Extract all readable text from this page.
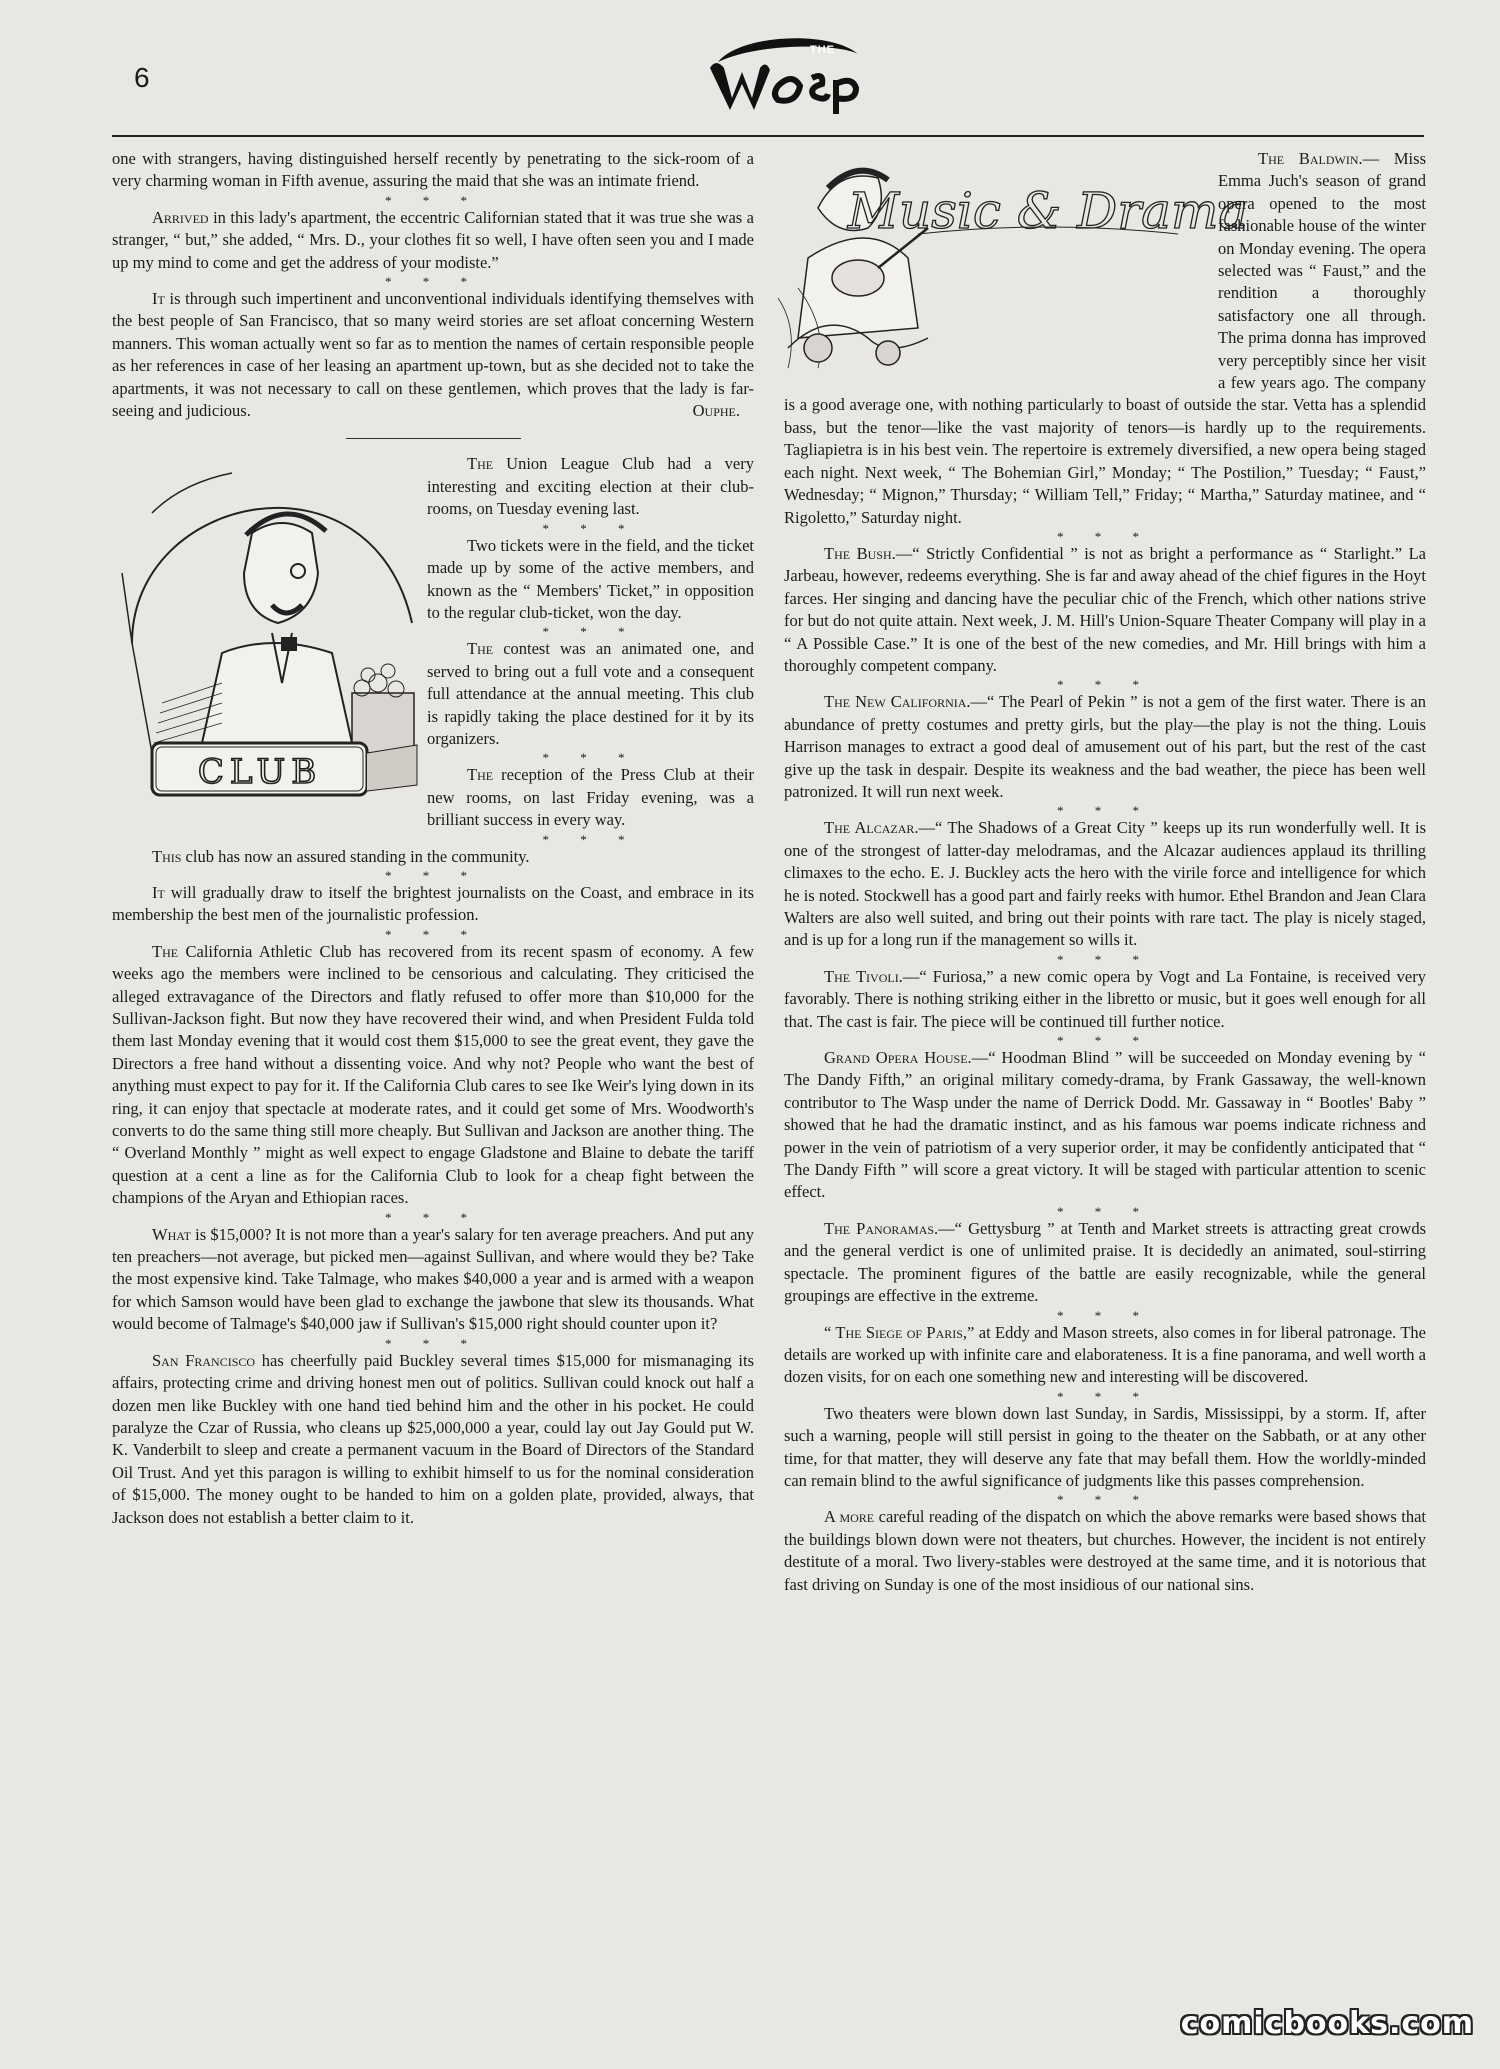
6
THE

one with strangers, having distinguished herself recently by penetrating to the sick-room of a very charming woman in Fifth avenue, assuring the maid that she was an intimate friend.

* * *

Arrived in this lady's apartment, the eccentric Californian stated that it was true she was a stranger, “ but,” she added, “ Mrs. D., your clothes fit so well, I have often seen you and I made up my mind to come and get the address of your modiste.”

* * *

It is through such impertinent and unconventional individuals identifying themselves with the best people of San Francisco, that so many weird stories are set afloat concerning Western manners. This woman actually went so far as to mention the names of certain responsible people as her references in case of her leasing an apartment up-town, but as she decided not to take the apartments, it was not necessary to call on these gentlemen, which proves that the lady is far-seeing and judicious.	Ouphe.

CLUB

The Union League Club had a very interesting and exciting election at their club-rooms, on Tuesday evening last.

* * *

Two tickets were in the field, and the ticket made up by some of the active members, and known as the “ Members' Ticket,” in opposition to the regular club-ticket, won the day.

* * *

The contest was an animated one, and served to bring out a full vote and a consequent full attendance at the annual meeting. This club is rapidly taking the place destined for it by its organizers.

* * *

The reception of the Press Club at their new rooms, on last Friday evening, was a brilliant success in every way.

* * *

This club has now an assured standing in the community.

* * *

It will gradually draw to itself the brightest journalists on the Coast, and embrace in its membership the best men of the journalistic profession.

* * *

The California Athletic Club has recovered from its recent spasm of economy. A few weeks ago the members were inclined to be censorious and calculating. They criticised the alleged extravagance of the Directors and flatly refused to offer more than $10,000 for the Sullivan-Jackson fight. But now they have recovered their wind, and when President Fulda told them last Monday evening that it would cost them $15,000 to see the great event, they gave the Directors a free hand without a dissenting voice. And why not? People who want the best of anything must expect to pay for it. If the California Club cares to see Ike Weir's lying down in its ring, it can enjoy that spectacle at moderate rates, and it could get some of Mrs. Woodworth's converts to do the same thing still more cheaply. But Sullivan and Jackson are another thing. The “ Overland Monthly ” might as well expect to engage Gladstone and Blaine to debate the tariff question at a cent a line as for the California Club to look for a cheap fight between the champions of the Aryan and Ethiopian races.

* * *

What is $15,000? It is not more than a year's salary for ten average preachers. And put any ten preachers—not average, but picked men—against Sullivan, and where would they be? Take the most expensive kind. Take Talmage, who makes $40,000 a year and is armed with a weapon for which Samson would have been glad to exchange the jawbone that slew its thousands. What would become of Talmage's $40,000 jaw if Sullivan's $15,000 right should counter upon it?

* * *

San Francisco has cheerfully paid Buckley several times $15,000 for mismanaging its affairs, protecting crime and driving honest men out of politics. Sullivan could knock out half a dozen men like Buckley with one hand tied behind him and the other in his pocket. He could paralyze the Czar of Russia, who cleans up $25,000,000 a year, could lay out Jay Gould put W. K. Vanderbilt to sleep and create a permanent vacuum in the Board of Directors of the Standard Oil Trust. And yet this paragon is willing to exhibit himself to us for the nominal consideration of $15,000. The money ought to be handed to him on a golden plate, provided, always, that Jackson does not establish a better claim to it.

Music & Drama

The Baldwin.— Miss Emma Juch's season of grand opera opened to the most fashionable house of the winter on Monday evening. The opera selected was “ Faust,” and the rendition a thoroughly satisfactory one all through. The prima donna has improved very perceptibly since her visit a few years ago. The company is a good average one, with nothing particularly to boast of outside the star. Vetta has a splendid bass, but the tenor—like the vast majority of tenors—is hardly up to the requirements. Tagliapietra is in his best vein. The repertoire is extremely diversified, a new opera being staged each night. Next week, “ The Bohemian Girl,” Monday; “ The Postilion,” Tuesday; “ Faust,” Wednesday; “ Mignon,” Thursday; “ William Tell,” Friday; “ Martha,” Saturday matinee, and “ Rigoletto,” Saturday night.

* * *

The Bush.—“ Strictly Confidential ” is not as bright a performance as “ Starlight.” La Jarbeau, however, redeems everything. She is far and away ahead of the chief figures in the Hoyt farces. Her singing and dancing have the peculiar chic of the French, which other nations strive for but do not quite attain. Next week, J. M. Hill's Union-Square Theater Company will play in a “ A Possible Case.” It is one of the best of the new comedies, and Mr. Hill brings with him a thoroughly competent company.

* * *

The New California.—“ The Pearl of Pekin ” is not a gem of the first water. There is an abundance of pretty costumes and pretty girls, but the play—the play is not the thing. Louis Harrison manages to extract a good deal of amusement out of his part, but the rest of the cast give up the task in despair. Despite its weakness and the bad weather, the piece has been well patronized. It will run next week.

* * *

The Alcazar.—“ The Shadows of a Great City ” keeps up its run wonderfully well. It is one of the strongest of latter-day melodramas, and the Alcazar audiences applaud its thrilling climaxes to the echo. E. J. Buckley acts the hero with the virile force and intelligence for which he is noted. Stockwell has a good part and fairly reeks with humor. Ethel Brandon and Jean Clara Walters are also well suited, and bring out their points with rare tact. The play is nicely staged, and is up for a long run if the management so wills it.

* * *

The Tivoli.—“ Furiosa,” a new comic opera by Vogt and La Fontaine, is received very favorably. There is nothing striking either in the libretto or music, but it goes well enough for all that. The cast is fair. The piece will be continued till further notice.

* * *

Grand Opera House.—“ Hoodman Blind ” will be succeeded on Monday evening by “ The Dandy Fifth,” an original military comedy-drama, by Frank Gassaway, the well-known contributor to The Wasp under the name of Derrick Dodd. Mr. Gassaway in “ Bootles' Baby ” showed that he had the dramatic instinct, and as his famous war poems indicate richness and power in the vein of patriotism of a very superior order, it may be confidently anticipated that “ The Dandy Fifth ” will score a great victory. It will be staged with particular attention to scenic effect.

* * *

The Panoramas.—“ Gettysburg ” at Tenth and Market streets is attracting great crowds and the general verdict is one of unlimited praise. It is decidedly an animated, soul-stirring spectacle. The prominent figures of the battle are easily recognizable, while the general groupings are effective in the extreme.

* * *

“ The Siege of Paris,” at Eddy and Mason streets, also comes in for liberal patronage. The details are worked up with infinite care and elaborateness. It is a fine panorama, and well worth a dozen visits, for on each one something new and interesting will be discovered.

* * *

Two theaters were blown down last Sunday, in Sardis, Mississippi, by a storm. If, after such a warning, people will still persist in going to the theater on the Sabbath, or at any other time, for that matter, they will deserve any fate that may befall them. How the worldly-minded can remain blind to the awful significance of judgments like this passes comprehension.

* * *

A more careful reading of the dispatch on which the above remarks were based shows that the buildings blown down were not theaters, but churches. However, the incident is not entirely destitute of a moral. Two livery-stables were destroyed at the same time, and it is notorious that fast driving on Sunday is one of the most insidious of our national sins.

comicbooks.com
